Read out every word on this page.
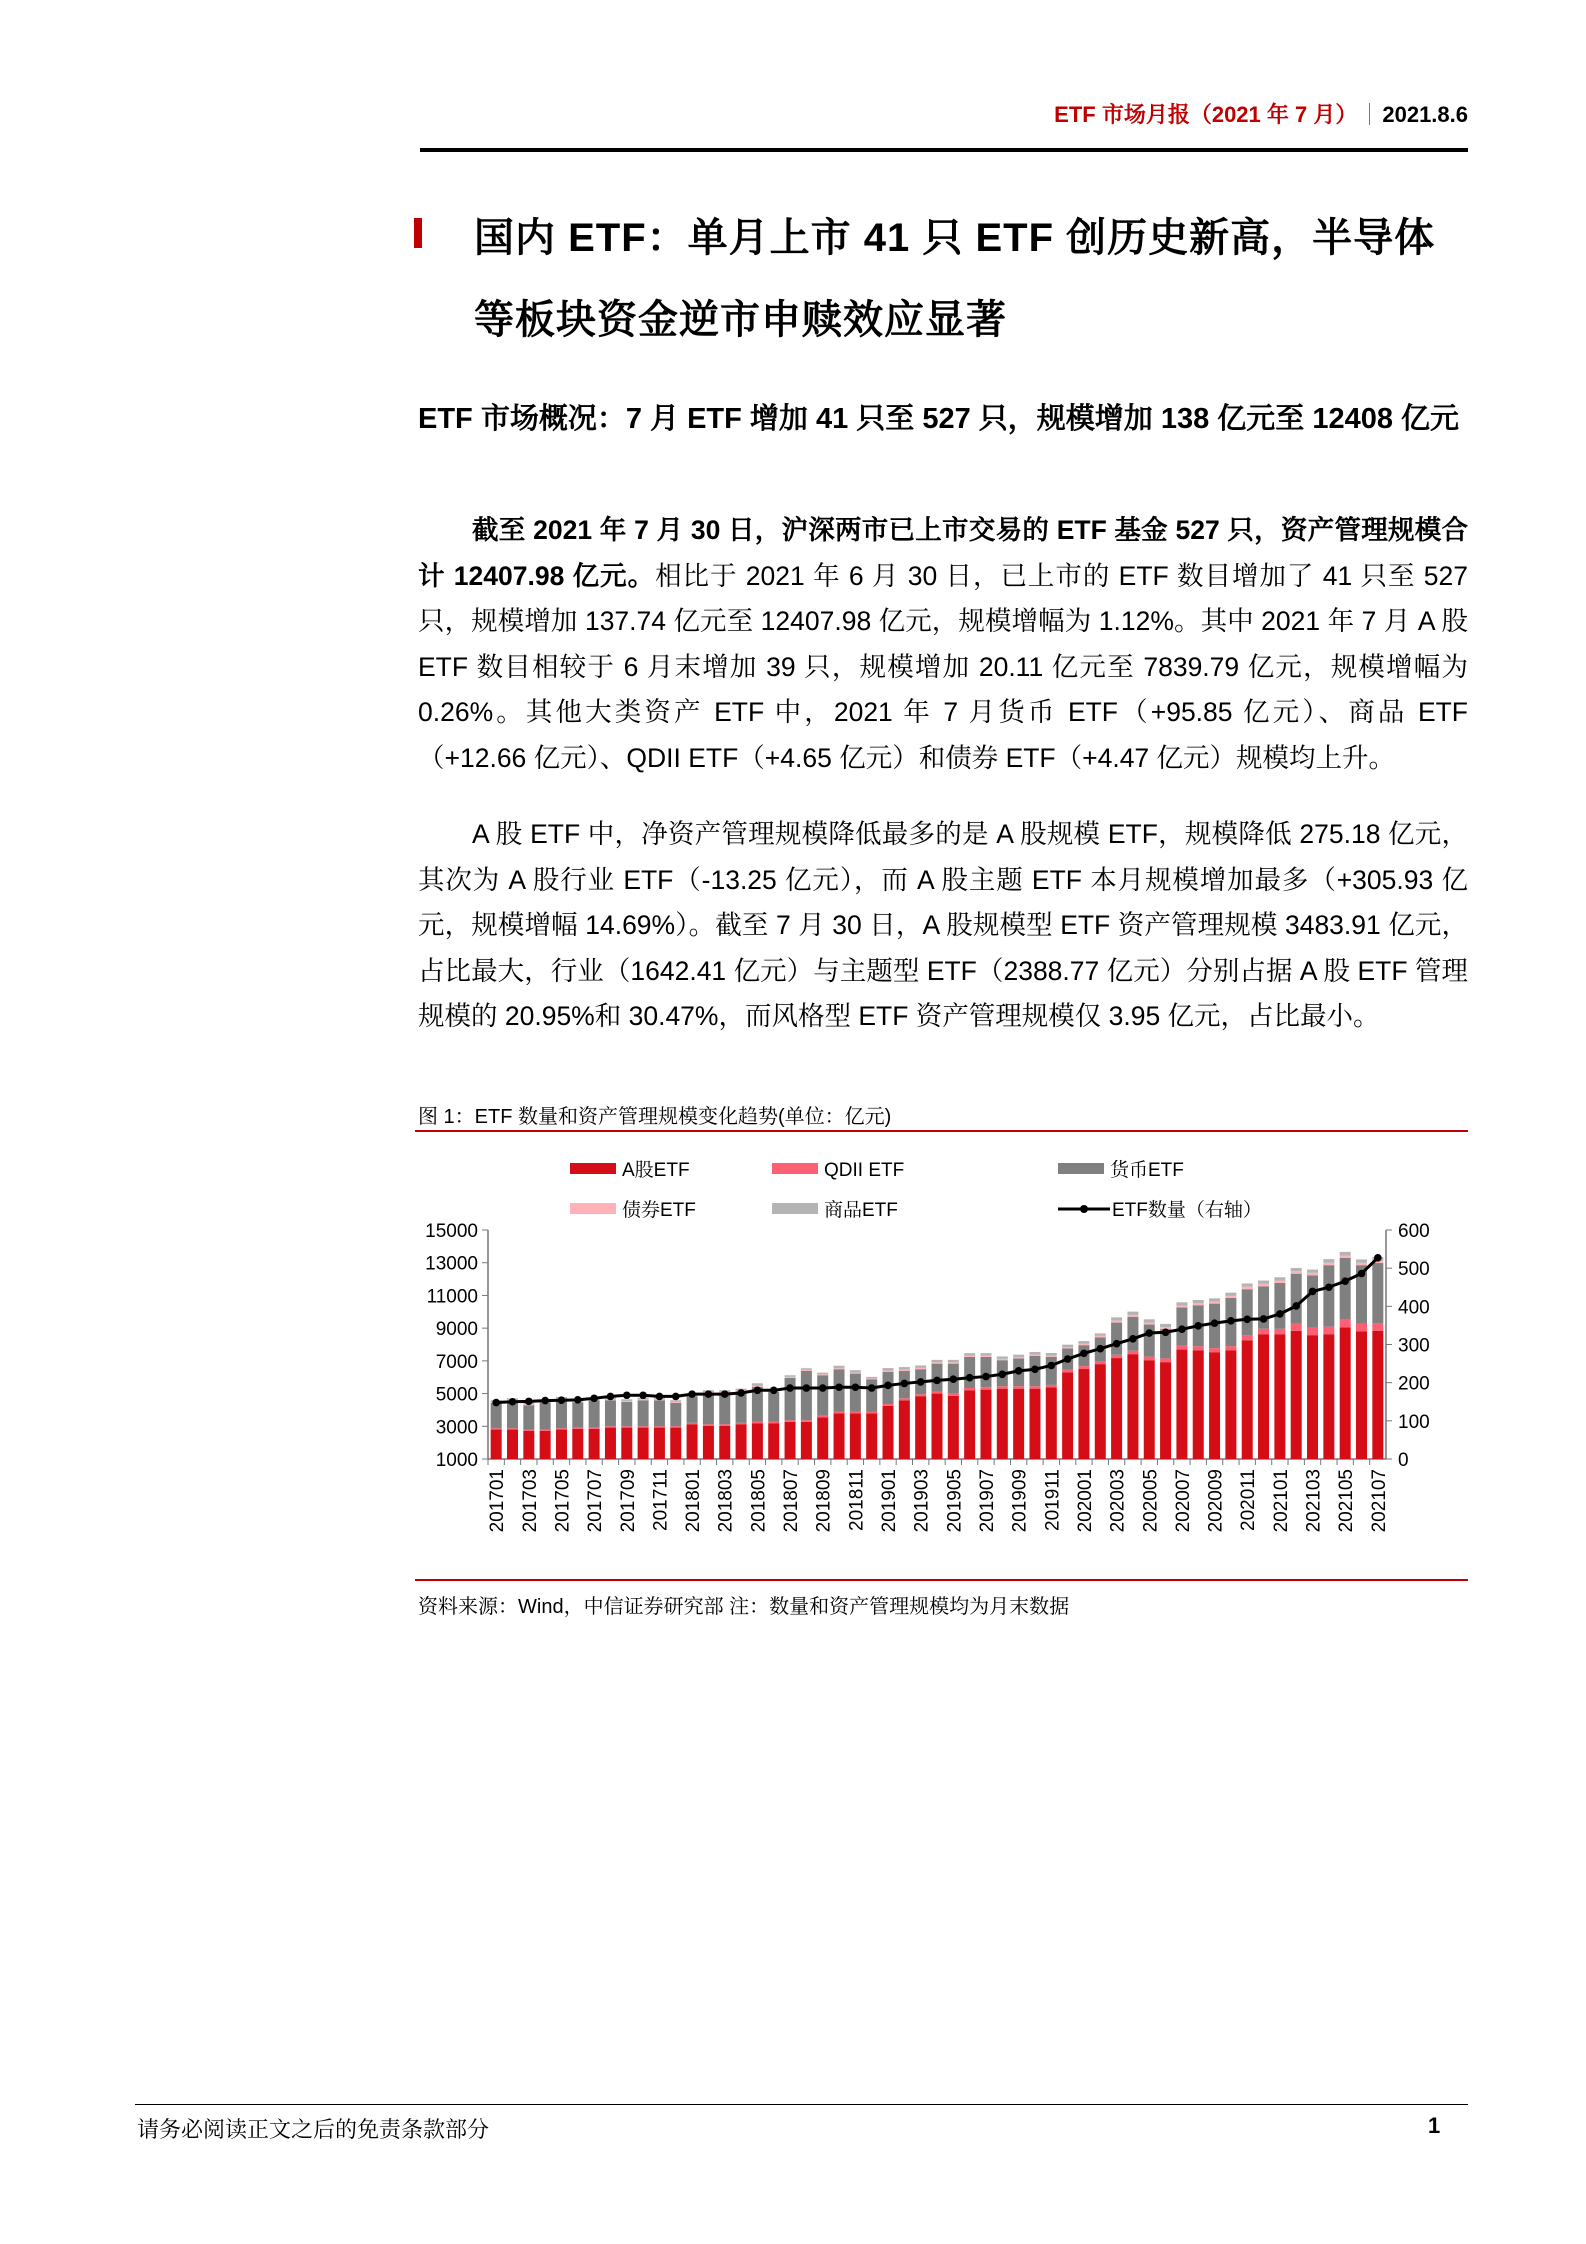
ETF 市场月报（2021 年 7 月） 2021.8.6
国内 ETF：单月上市 41 只 ETF 创历史新高，半导体
等板块资金逆市申赎效应显著
ETF 市场概况：7 月 ETF 增加 41 只至 527 只，规模增加 138 亿元至 12408 亿元
截至 2021 年 7 月 30 日，沪深两市已上市交易的 ETF 基金 527 只，资产管理规模合计 12407.98 亿元。相比于 2021 年 6 月 30 日，已上市的 ETF 数目增加了 41 只至 527 只，规模增加 137.74 亿元至 12407.98 亿元，规模增幅为 1.12%。其中 2021 年 7 月 A 股 ETF 数目相较于 6 月末增加 39 只，规模增加 20.11 亿元至 7839.79 亿元，规模增幅为 0.26%。其他大类资产 ETF 中，2021 年 7 月货币 ETF（+95.85 亿元）、商品 ETF（+12.66 亿元）、QDII ETF（+4.65 亿元）和债券 ETF（+4.47 亿元）规模均上升。
A 股 ETF 中，净资产管理规模降低最多的是 A 股规模 ETF，规模降低 275.18 亿元，其次为 A 股行业 ETF（-13.25 亿元），而 A 股主题 ETF 本月规模增加最多（+305.93 亿元，规模增幅 14.69%）。截至 7 月 30 日，A 股规模型 ETF 资产管理规模 3483.91 亿元，占比最大，行业（1642.41 亿元）与主题型 ETF（2388.77 亿元）分别占据 A 股 ETF 管理规模的 20.95%和 30.47%，而风格型 ETF 资产管理规模仅 3.95 亿元，占比最小。
图 1：ETF 数量和资产管理规模变化趋势(单位：亿元)
15000
13000
11000
9000
7000
5000
3000
1000
600
500
400
300
200
100
0
201701 201703 201705 201707 201709 201711 201801 201803 201805 201807 201809 201811 201901 201903 201905 201907 201909 201911 202001 202003 202005 202007 202009 202011 202101 202103 202105 202107
A股ETF	QDII ETF	货币ETF
债券ETF	商品ETF	ETF数量（右轴）
资料来源：Wind，中信证券研究部 注：数量和资产管理规模均为月末数据
请务必阅读正文之后的免责条款部分	1
